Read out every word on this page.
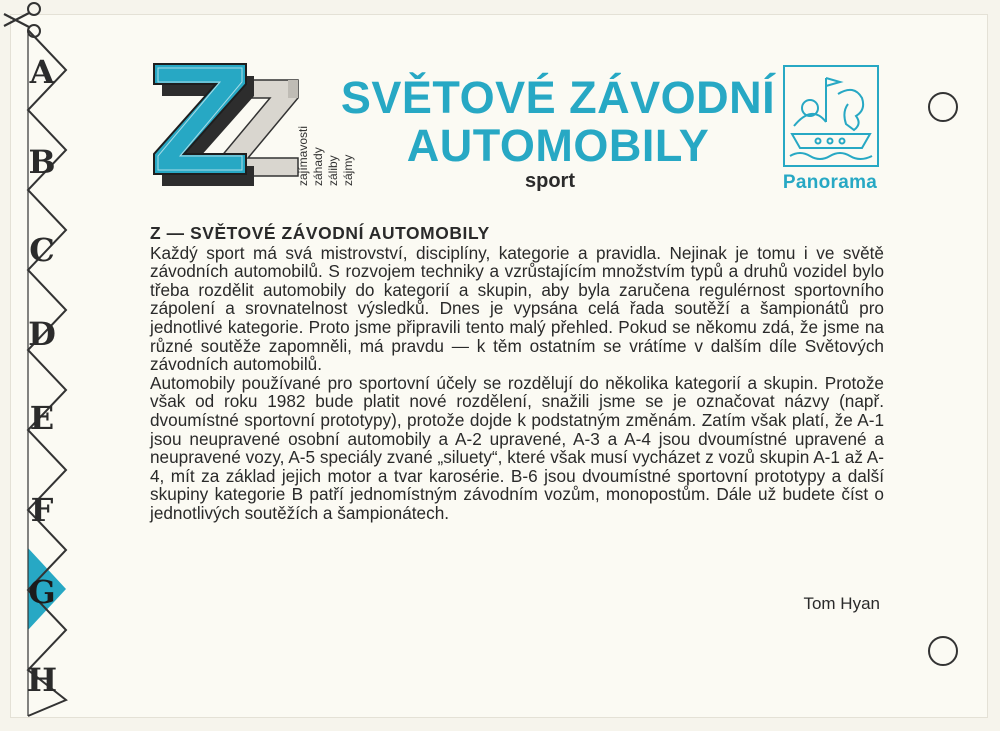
A
B
C
D
E
F
G
H
zajímavosti záhady záliby zájmy
SVĚTOVÉ ZÁVODNÍ
AUTOMOBILY
sport	Panorama
Z — SVĚTOVÉ ZÁVODNÍ AUTOMOBILY

Každý sport má svá mistrovství, disciplíny, kategorie a pravidla. Nejinak je tomu i ve světě závodních automobilů. S rozvojem techniky a vzrůstajícím množstvím typů a druhů vozidel bylo třeba rozdělit automobily do kategorií a skupin, aby byla zaručena regulérnost sportovního zápolení a srovnatelnost výsledků. Dnes je vypsána celá řada soutěží a šampionátů pro jednotlivé kategorie. Proto jsme připravili tento malý přehled. Pokud se někomu zdá, že jsme na různé soutěže zapomněli, má pravdu — k těm ostatním se vrátíme v dalším díle Světových závodních automobilů.

Automobily používané pro sportovní účely se rozdělují do několika kategorií a skupin. Protože však od roku 1982 bude platit nové rozdělení, snažili jsme se je označovat názvy (např. dvoumístné sportovní prototypy), protože dojde k podstatným změnám. Zatím však platí, že A-1 jsou neupravené osobní automobily a A-2 upravené, A-3 a A-4 jsou dvoumístné upravené a neupravené vozy, A-5 speciály zvané „siluety“, které však musí vycházet z vozů skupin A-1 až A-4, mít za základ jejich motor a tvar karosérie. B-6 jsou dvoumístné sportovní prototypy a další skupiny kategorie B patří jednomístným závodním vozům, monopostům. Dále už budete číst o jednotlivých soutěžích a šampionátech.

Tom Hyan
